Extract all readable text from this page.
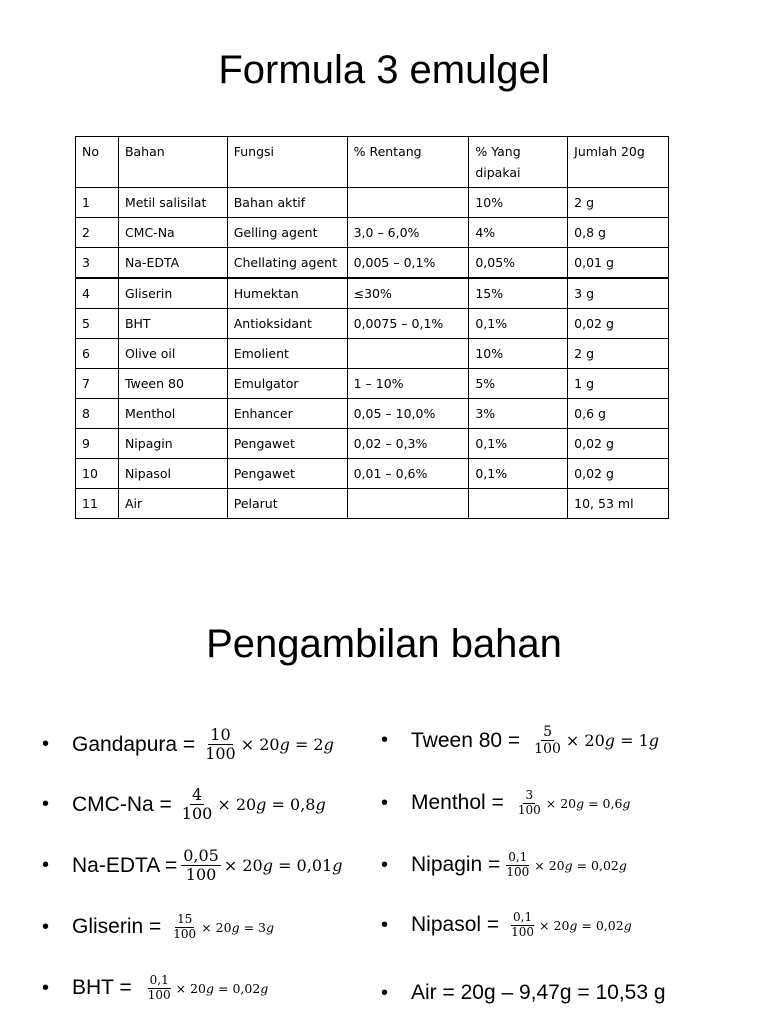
Formula 3 emulgel
No	Bahan	Fungsi	% Rentang	% Yang dipakai	Jumlah 20g
1	Metil salisilat	Bahan aktif		10%	2 g
2	CMC-Na	Gelling agent	3,0 – 6,0%	4%	0,8 g
3	Na-EDTA	Chellating agent	0,005 – 0,1%	0,05%	0,01 g
4	Gliserin	Humektan	≤30%	15%	3 g
5	BHT	Antioksidant	0,0075 – 0,1%	0,1%	0,02 g
6	Olive oil	Emolient		10%	2 g
7	Tween 80	Emulgator	1 – 10%	5%	1 g
8	Menthol	Enhancer	0,05 – 10,0%	3%	0,6 g
9	Nipagin	Pengawet	0,02 – 0,3%	0,1%	0,02 g
10	Nipasol	Pengawet	0,01 – 0,6%	0,1%	0,02 g
11	Air	Pelarut			10, 53 ml
Pengambilan bahan
•	Gandapura = $\frac{10}{100} \times 20g = 2g$
•	$CMC-Na = \frac{4}{100} \times 20g = 0,8g$
•	Na-EDTA = $\frac{0,05}{100} \times 20g = 0,01g$
•	Gliserin = $\frac{15}{100} \times 20g = 3g$
•	BHT = $\frac{0,1}{100} \times 20g = 0,02g$
•	Tween $80 = \frac{5}{100} \times 20g = 1g$
•	Menthol = $\frac{3}{100} \times 20g = 0,6g$
•	Nipagin = $\frac{0,1}{100} \times 20g = 0,02g$
•	Nipasol = $\frac{0,1}{100} \times 20g = 0,02g$
•	Air = 20g – 9,47g = 10,53 g
